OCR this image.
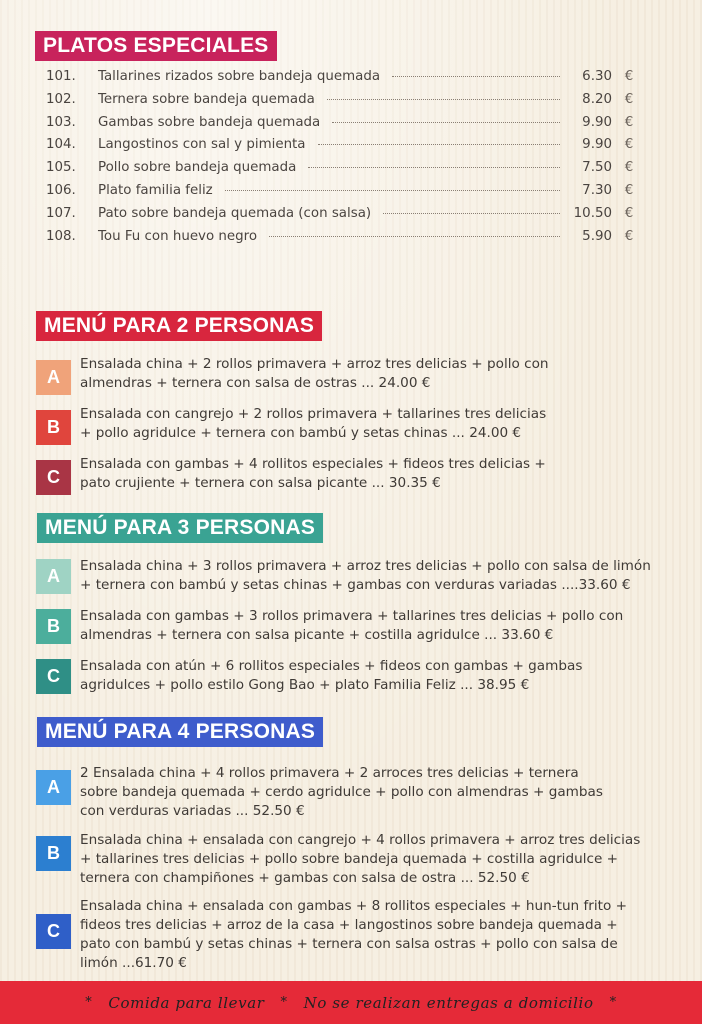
PLATOS ESPECIALES
101.	Tallarines rizados sobre bandeja quemada	6.30 €
102.	Ternera sobre bandeja quemada	8.20 €
103.	Gambas sobre bandeja quemada	9.90 €
104.	Langostinos con sal y pimienta	9.90 €
105.	Pollo sobre bandeja quemada	7.50 €
106.	Plato familia feliz	7.30 €
107.	Pato sobre bandeja quemada (con salsa)	10.50 €
108.	Tou Fu con huevo negro	5.90 €
MENÚ PARA 2 PERSONAS
A
Ensalada china + 2 rollos primavera + arroz tres delicias + pollo con almendras + ternera con salsa de ostras ... 24.00 €
B
Ensalada con cangrejo + 2 rollos primavera + tallarines tres delicias + pollo agridulce + ternera con bambú y setas chinas ... 24.00 €
C
Ensalada con gambas + 4 rollitos especiales + fideos tres delicias + pato crujiente + ternera con salsa picante ... 30.35 €
MENÚ PARA 3 PERSONAS
A	Ensalada china + 3 rollos primavera + arroz tres delicias + pollo con salsa de limón + ternera con bambú y setas chinas + gambas con verduras variadas ....33.60 €
B	Ensalada con gambas + 3 rollos primavera + tallarines tres delicias + pollo con almendras + ternera con salsa picante + costilla agridulce ... 33.60 €
C	Ensalada con atún + 6 rollitos especiales + fideos con gambas + gambas agridulces + pollo estilo Gong Bao + plato Familia Feliz ... 38.95 €
MENÚ PARA 4 PERSONAS
A
2 Ensalada china + 4 rollos primavera + 2 arroces tres delicias + ternera sobre bandeja quemada + cerdo agridulce + pollo con almendras + gambas con verduras variadas ... 52.50 €
B
Ensalada china + ensalada con cangrejo + 4 rollos primavera + arroz tres delicias + tallarines tres delicias + pollo sobre bandeja quemada + costilla agridulce + ternera con champiñones + gambas con salsa de ostra ... 52.50 €
C
Ensalada china + ensalada con gambas + 8 rollitos especiales + hun-tun frito + fideos tres delicias + arroz de la casa + langostinos sobre bandeja quemada + pato con bambú y setas chinas + ternera con salsa ostras + pollo con salsa de limón ...61.70 €
* Comida para llevar * No se realizan entregas a domicilio *
